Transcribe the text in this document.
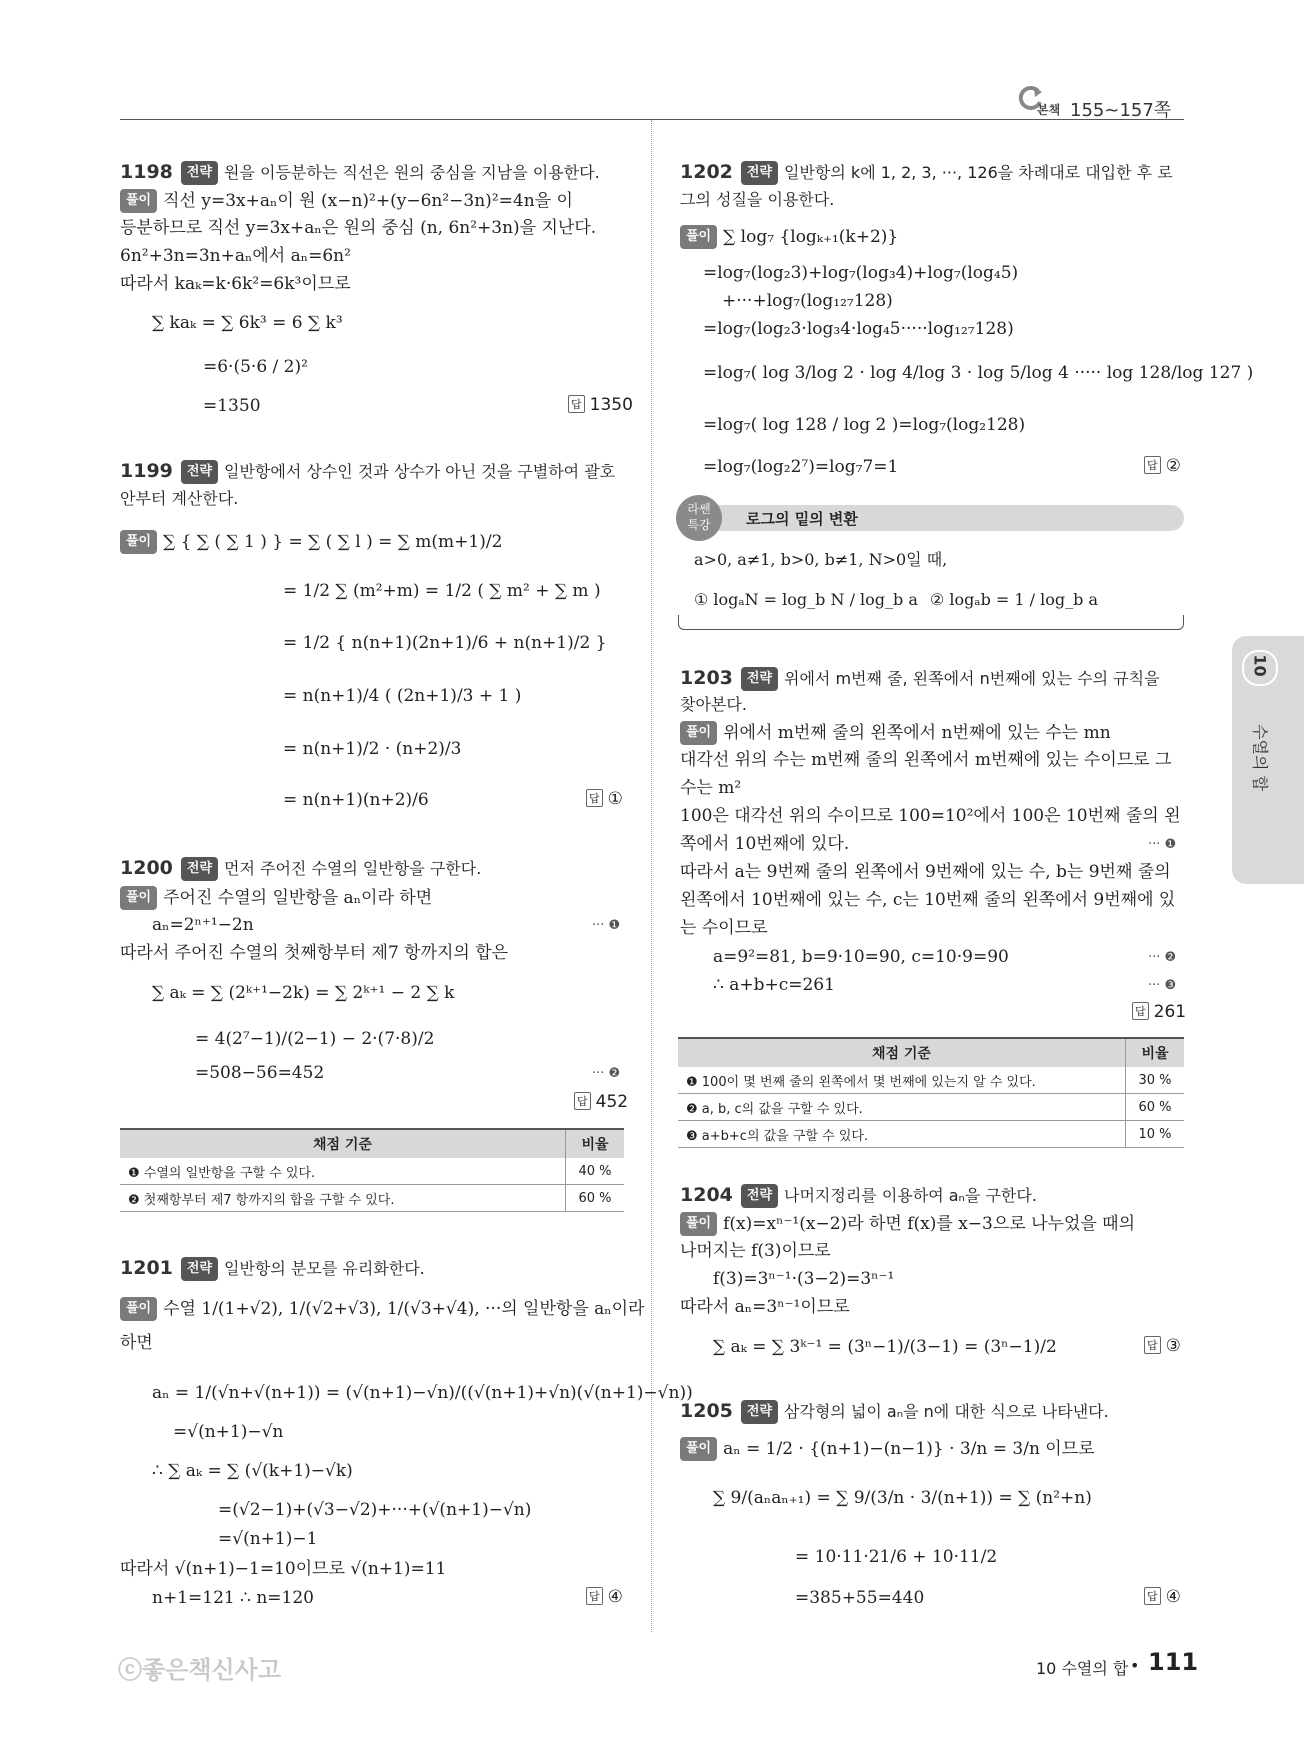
본책 155~157쪽
1198 전략 원을 이등분하는 직선은 원의 중심을 지남을 이용한다.
풀이 직선 y=3x+aₙ이 원 (x−n)²+(y−6n²−3n)²=4n을 이
등분하므로 직선 y=3x+aₙ은 원의 중심 (n, 6n²+3n)을 지난다.
6n²+3n=3n+aₙ에서 aₙ=6n²
따라서 kaₖ=k·6k²=6k³이므로
∑ kaₖ = ∑ 6k³ = 6 ∑ k³
=6·(5·6 / 2)²
=1350	답 1350
1199 전략 일반항에서 상수인 것과 상수가 아닌 것을 구별하여 괄호
안부터 계산한다.
풀이 ∑ { ∑ ( ∑ 1 ) } = ∑ ( ∑ l ) = ∑ m(m+1)/2
= 1/2 ∑ (m²+m) = 1/2 ( ∑ m² + ∑ m )
= 1/2 { n(n+1)(2n+1)/6 + n(n+1)/2 }
= n(n+1)/4 ( (2n+1)/3 + 1 )
= n(n+1)/2 · (n+2)/3
= n(n+1)(n+2)/6	답 ①
1200 전략 먼저 주어진 수열의 일반항을 구한다.
풀이 주어진 수열의 일반항을 aₙ이라 하면
aₙ=2ⁿ⁺¹−2n	··· ❶
따라서 주어진 수열의 첫째항부터 제7 항까지의 합은
∑ aₖ = ∑ (2ᵏ⁺¹−2k) = ∑ 2ᵏ⁺¹ − 2 ∑ k
= 4(2⁷−1)/(2−1) − 2·(7·8)/2
=508−56=452	··· ❷
답 452
채점 기준	비율
❶ 수열의 일반항을 구할 수 있다.	40 %
❷ 첫째항부터 제7 항까지의 합을 구할 수 있다.	60 %
1201 전략 일반항의 분모를 유리화한다.
풀이 수열 1/(1+√2), 1/(√2+√3), 1/(√3+√4), ···의 일반항을 aₙ이라
하면
aₙ = 1/(√n+√(n+1)) = (√(n+1)−√n)/((√(n+1)+√n)(√(n+1)−√n))
=√(n+1)−√n
∴ ∑ aₖ = ∑ (√(k+1)−√k)
=(√2−1)+(√3−√2)+···+(√(n+1)−√n)
=√(n+1)−1
따라서 √(n+1)−1=10이므로 √(n+1)=11
n+1=121 ∴ n=120	답 ④
1202 전략 일반항의 k에 1, 2, 3, ···, 126을 차례대로 대입한 후 로
그의 성질을 이용한다.
풀이 ∑ log₇ {logₖ₊₁(k+2)}
=log₇(log₂3)+log₇(log₃4)+log₇(log₄5)
+···+log₇(log₁₂₇128)
=log₇(log₂3·log₃4·log₄5·····log₁₂₇128)
=log₇( log 3/log 2 · log 4/log 3 · log 5/log 4 ····· log 128/log 127 )
=log₇( log 128 / log 2 )=log₇(log₂128)
=log₇(log₂2⁷)=log₇7=1	답 ②
라쎈
특강	로그의 밑의 변환
a>0, a≠1, b>0, b≠1, N>0일 때,
① logₐN = log_b N / log_b a ② logₐb = 1 / log_b a
1203 전략 위에서 m번째 줄, 왼쪽에서 n번째에 있는 수의 규칙을
찾아본다.
풀이 위에서 m번째 줄의 왼쪽에서 n번째에 있는 수는 mn
대각선 위의 수는 m번째 줄의 왼쪽에서 m번째에 있는 수이므로 그
수는 m²
100은 대각선 위의 수이므로 100=10²에서 100은 10번째 줄의 왼
쪽에서 10번째에 있다.	··· ❶
따라서 a는 9번째 줄의 왼쪽에서 9번째에 있는 수, b는 9번째 줄의
왼쪽에서 10번째에 있는 수, c는 10번째 줄의 왼쪽에서 9번째에 있
는 수이므로
a=9²=81, b=9·10=90, c=10·9=90	··· ❷
∴ a+b+c=261	··· ❸
답 261
채점 기준	비율
❶ 100이 몇 번째 줄의 왼쪽에서 몇 번째에 있는지 알 수 있다.	30 %
❷ a, b, c의 값을 구할 수 있다.	60 %
❸ a+b+c의 값을 구할 수 있다.	10 %
1204 전략 나머지정리를 이용하여 aₙ을 구한다.
풀이 f(x)=xⁿ⁻¹(x−2)라 하면 f(x)를 x−3으로 나누었을 때의
나머지는 f(3)이므로
f(3)=3ⁿ⁻¹·(3−2)=3ⁿ⁻¹
따라서 aₙ=3ⁿ⁻¹이므로
∑ aₖ = ∑ 3ᵏ⁻¹ = (3ⁿ−1)/(3−1) = (3ⁿ−1)/2	답 ③
1205 전략 삼각형의 넓이 aₙ을 n에 대한 식으로 나타낸다.
풀이 aₙ = 1/2 · {(n+1)−(n−1)} · 3/n = 3/n 이므로
∑ 9/(aₙaₙ₊₁) = ∑ 9/(3/n · 3/(n+1)) = ∑ (n²+n)
= 10·11·21/6 + 10·11/2
=385+55=440	답 ④
10
수열의 합
ⓒ좋은책신사고	10 수열의 합 • 111
